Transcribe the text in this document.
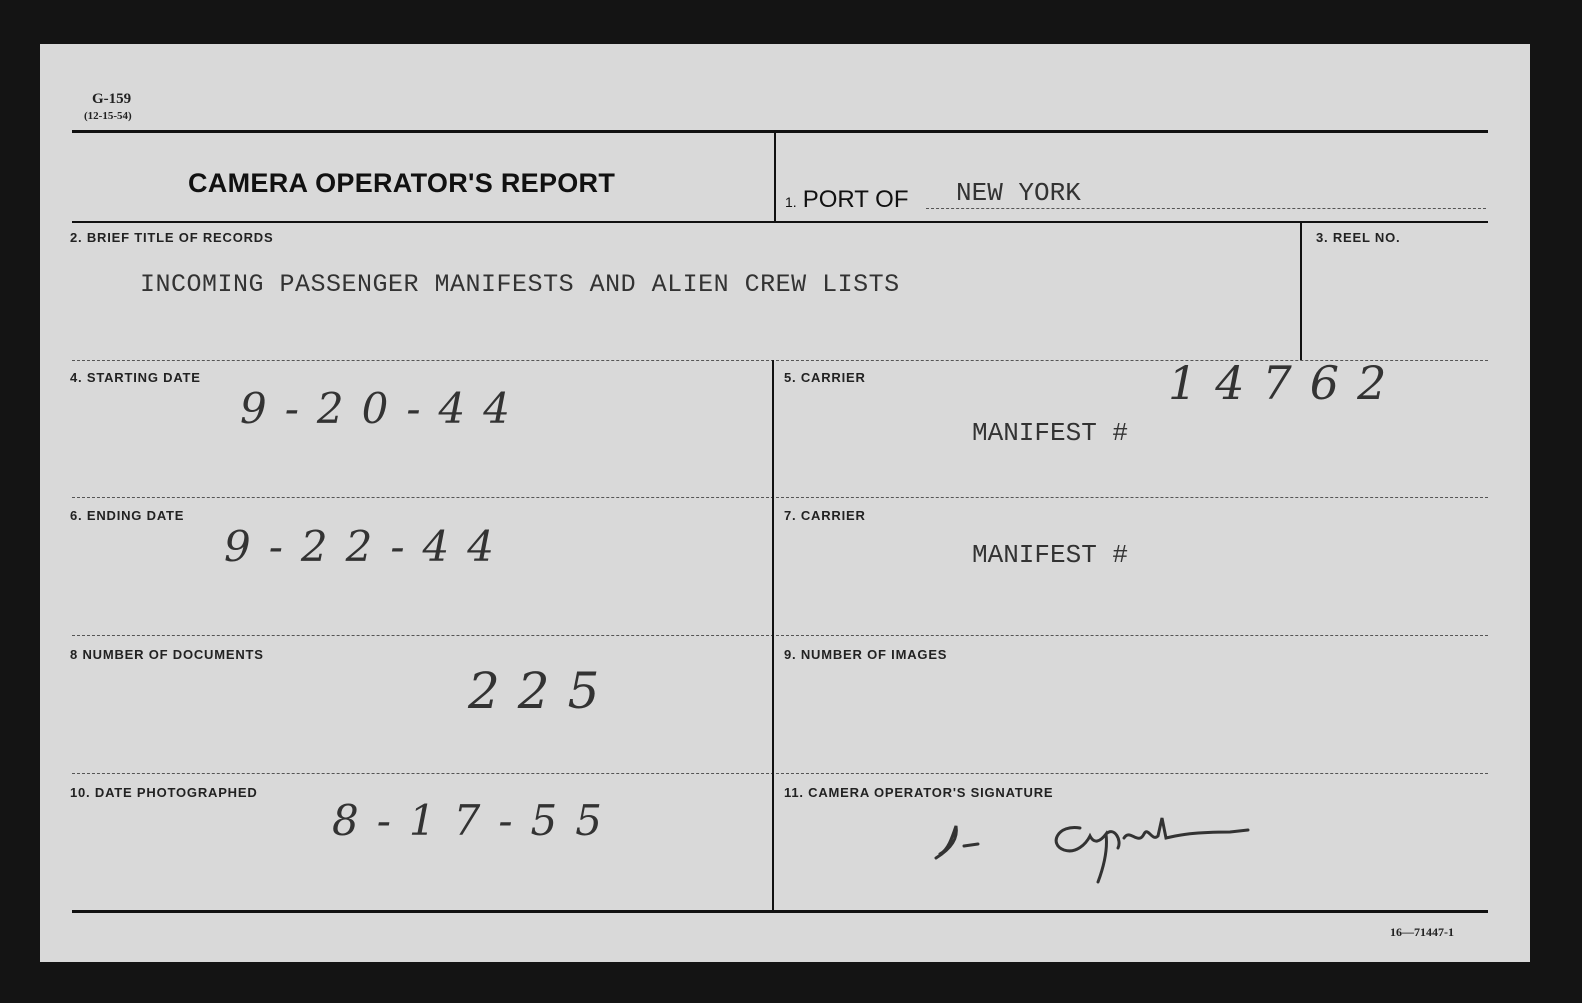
G-159
(12-15-54)
CAMERA OPERATOR'S REPORT
1. PORT OF NEW YORK
2. BRIEF TITLE OF RECORDS
INCOMING PASSENGER MANIFESTS AND ALIEN CREW LISTS
3. REEL NO.
4. STARTING DATE
9-20-44
5. CARRIER	14762
MANIFEST #
6. ENDING DATE
9-22-44
7. CARRIER
MANIFEST #
8 NUMBER OF DOCUMENTS
225
9. NUMBER OF IMAGES
10. DATE PHOTOGRAPHED
8-17-55
11. CAMERA OPERATOR'S SIGNATURE
16—71447-1
